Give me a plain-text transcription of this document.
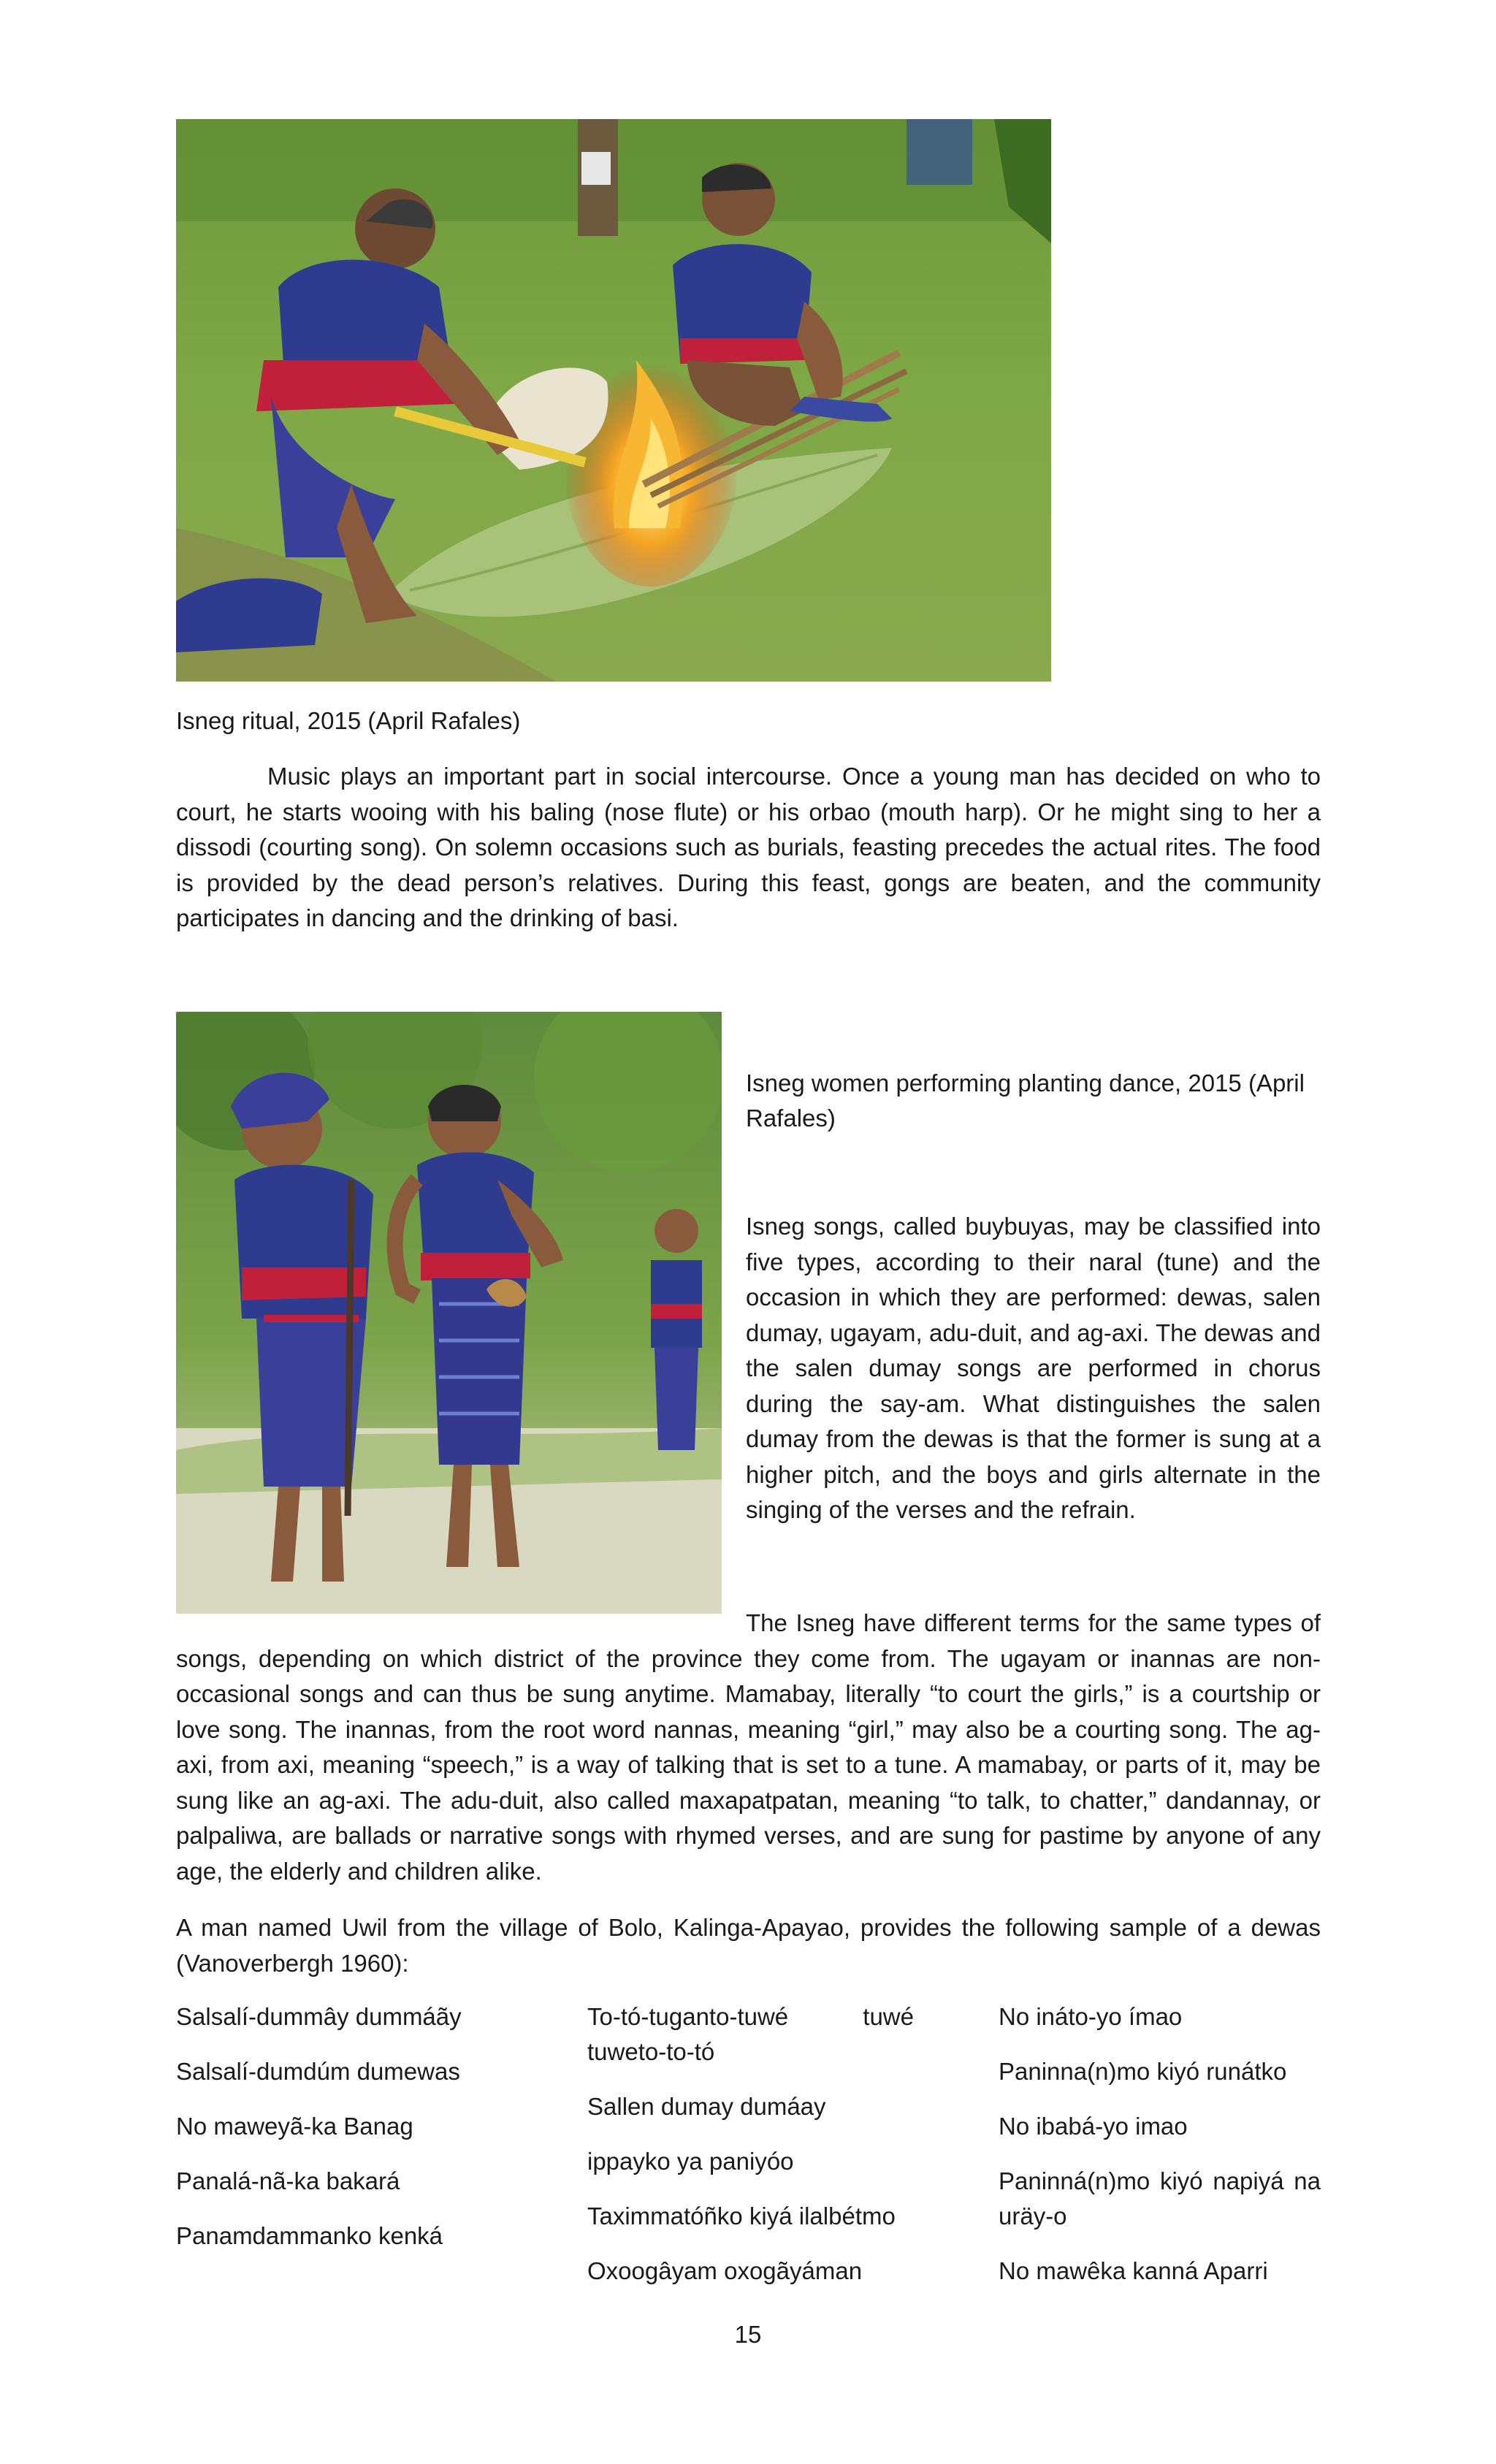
Isneg ritual, 2015 (April Rafales)

Music plays an important part in social intercourse. Once a young man has decided on who to court, he starts wooing with his baling (nose flute) or his orbao (mouth harp). Or he might sing to her a dissodi (courting song). On solemn occasions such as burials, feasting precedes the actual rites. The food is provided by the dead person’s relatives. During this feast, gongs are beaten, and the community participates in dancing and the drinking of basi.

Isneg women performing planting dance, 2015 (April Rafales)

Isneg songs, called buybuyas, may be classified into five types, according to their naral (tune) and the occasion in which they are performed: dewas, salen dumay, ugayam, adu-duit, and ag-axi. The dewas and the salen dumay songs are performed in chorus during the say-am. What distinguishes the salen dumay from the dewas is that the former is sung at a higher pitch, and the boys and girls alternate in the singing of the verses and the refrain.

The Isneg have different terms for the same types of songs, depending on which district of the province they come from. The ugayam or inannas are non-occasional songs and can thus be sung anytime. Mamabay, literally “to court the girls,” is a courtship or love song. The inannas, from the root word nannas, meaning “girl,” may also be a courting song. The ag-axi, from axi, meaning “speech,” is a way of talking that is set to a tune. A mamabay, or parts of it, may be sung like an ag-axi. The adu-duit, also called maxapatpatan, meaning “to talk, to chatter,” dandannay, or palpaliwa, are ballads or narrative songs with rhymed verses, and are sung for pastime by anyone of any age, the elderly and children alike.

A man named Uwil from the village of Bolo, Kalinga-Apayao, provides the following sample of a dewas (Vanoverbergh 1960):

Salsalí-dummây dummáãy

Salsalí-dumdúm dumewas

No maweyã-ka Banag

Panalá-nã-ka bakará

Panamdammanko kenká

To-tó-tuganto-tuwé tuwé tuweto-to-tó

Sallen dumay dumáay

ippayko ya paniyóo

Taximmatóñko kiyá ilalbétmo

Oxoogâyam oxogãyáman

No ináto-yo ímao

Paninna(n)mo kiyó runátko

No ibabá-yo imao

Paninná(n)mo kiyó napiyá na uräy-o

No mawêka kanná Aparri

15
